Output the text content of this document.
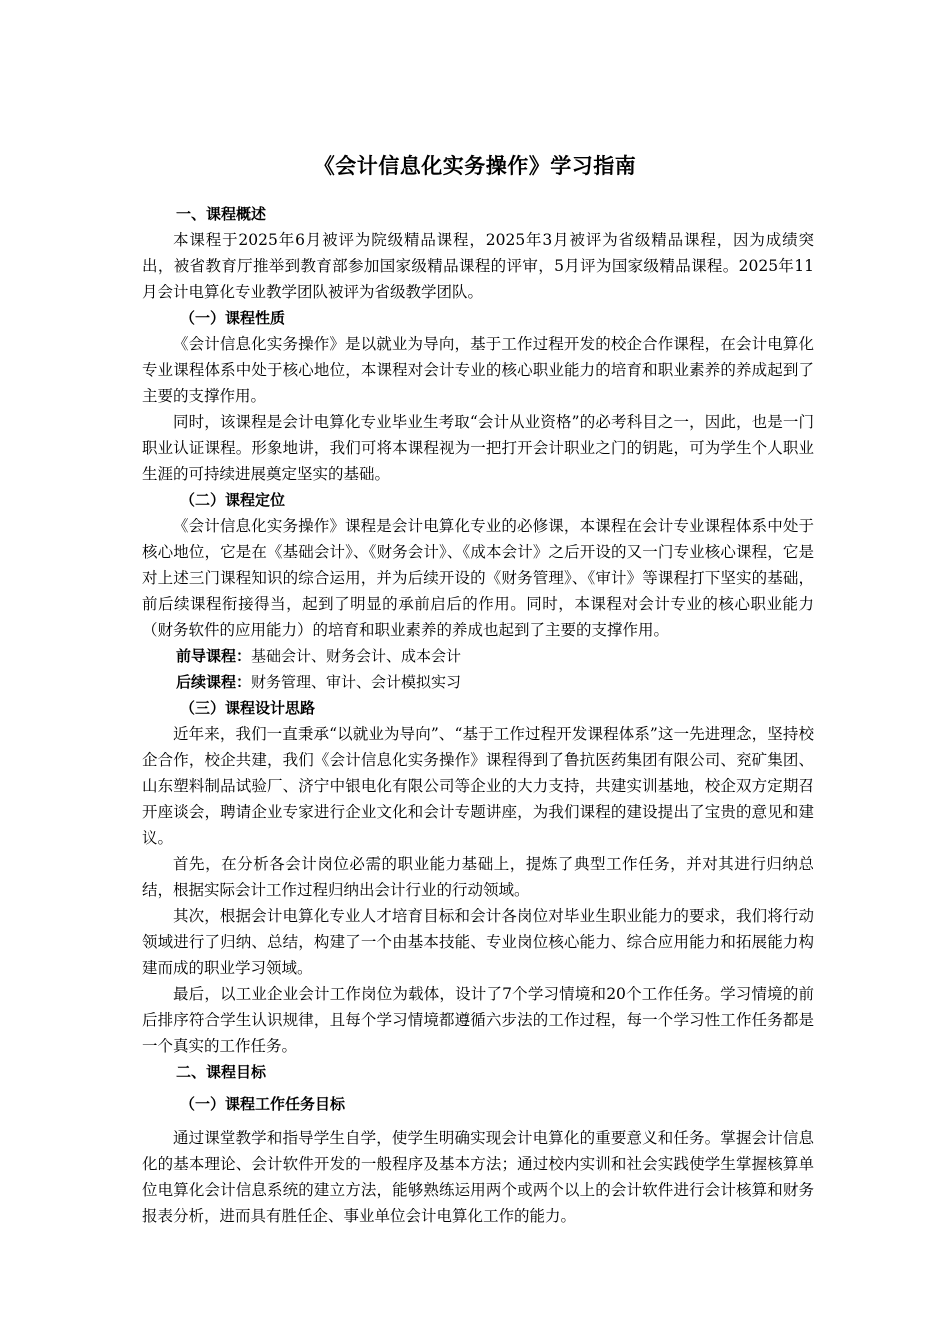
《会计信息化实务操作》学习指南

一、课程概述

本课程于2025年6月被评为院级精品课程，2025年3月被评为省级精品课程，因为成绩突出，被省教育厅推举到教育部参加国家级精品课程的评审，5月评为国家级精品课程。2025年11月会计电算化专业教学团队被评为省级教学团队。

（一）课程性质

《会计信息化实务操作》是以就业为导向，基于工作过程开发的校企合作课程，在会计电算化专业课程体系中处于核心地位，本课程对会计专业的核心职业能力的培育和职业素养的养成起到了主要的支撑作用。

同时，该课程是会计电算化专业毕业生考取“会计从业资格”的必考科目之一，因此，也是一门职业认证课程。形象地讲，我们可将本课程视为一把打开会计职业之门的钥匙，可为学生个人职业生涯的可持续进展奠定坚实的基础。

（二）课程定位

《会计信息化实务操作》课程是会计电算化专业的必修课，本课程在会计专业课程体系中处于核心地位，它是在《基础会计》、《财务会计》、《成本会计》之后开设的又一门专业核心课程，它是对上述三门课程知识的综合运用，并为后续开设的《财务管理》、《审计》等课程打下坚实的基础，前后续课程衔接得当，起到了明显的承前启后的作用。同时，本课程对会计专业的核心职业能力（财务软件的应用能力）的培育和职业素养的养成也起到了主要的支撑作用。

前导课程：基础会计、财务会计、成本会计

后续课程：财务管理、审计、会计模拟实习

（三）课程设计思路

近年来，我们一直秉承“以就业为导向”、“基于工作过程开发课程体系”这一先进理念，坚持校企合作，校企共建，我们《会计信息化实务操作》课程得到了鲁抗医药集团有限公司、兖矿集团、山东塑料制品试验厂、济宁中银电化有限公司等企业的大力支持，共建实训基地，校企双方定期召开座谈会，聘请企业专家进行企业文化和会计专题讲座，为我们课程的建设提出了宝贵的意见和建议。

首先，在分析各会计岗位必需的职业能力基础上，提炼了典型工作任务，并对其进行归纳总结，根据实际会计工作过程归纳出会计行业的行动领域。

其次，根据会计电算化专业人才培育目标和会计各岗位对毕业生职业能力的要求，我们将行动领域进行了归纳、总结，构建了一个由基本技能、专业岗位核心能力、综合应用能力和拓展能力构建而成的职业学习领域。

最后，以工业企业会计工作岗位为载体，设计了7个学习情境和20个工作任务。学习情境的前后排序符合学生认识规律，且每个学习情境都遵循六步法的工作过程，每一个学习性工作任务都是一个真实的工作任务。

二、课程目标

（一）课程工作任务目标

通过课堂教学和指导学生自学，使学生明确实现会计电算化的重要意义和任务。掌握会计信息化的基本理论、会计软件开发的一般程序及基本方法；通过校内实训和社会实践使学生掌握核算单位电算化会计信息系统的建立方法，能够熟练运用两个或两个以上的会计软件进行会计核算和财务报表分析，进而具有胜任企、事业单位会计电算化工作的能力。
